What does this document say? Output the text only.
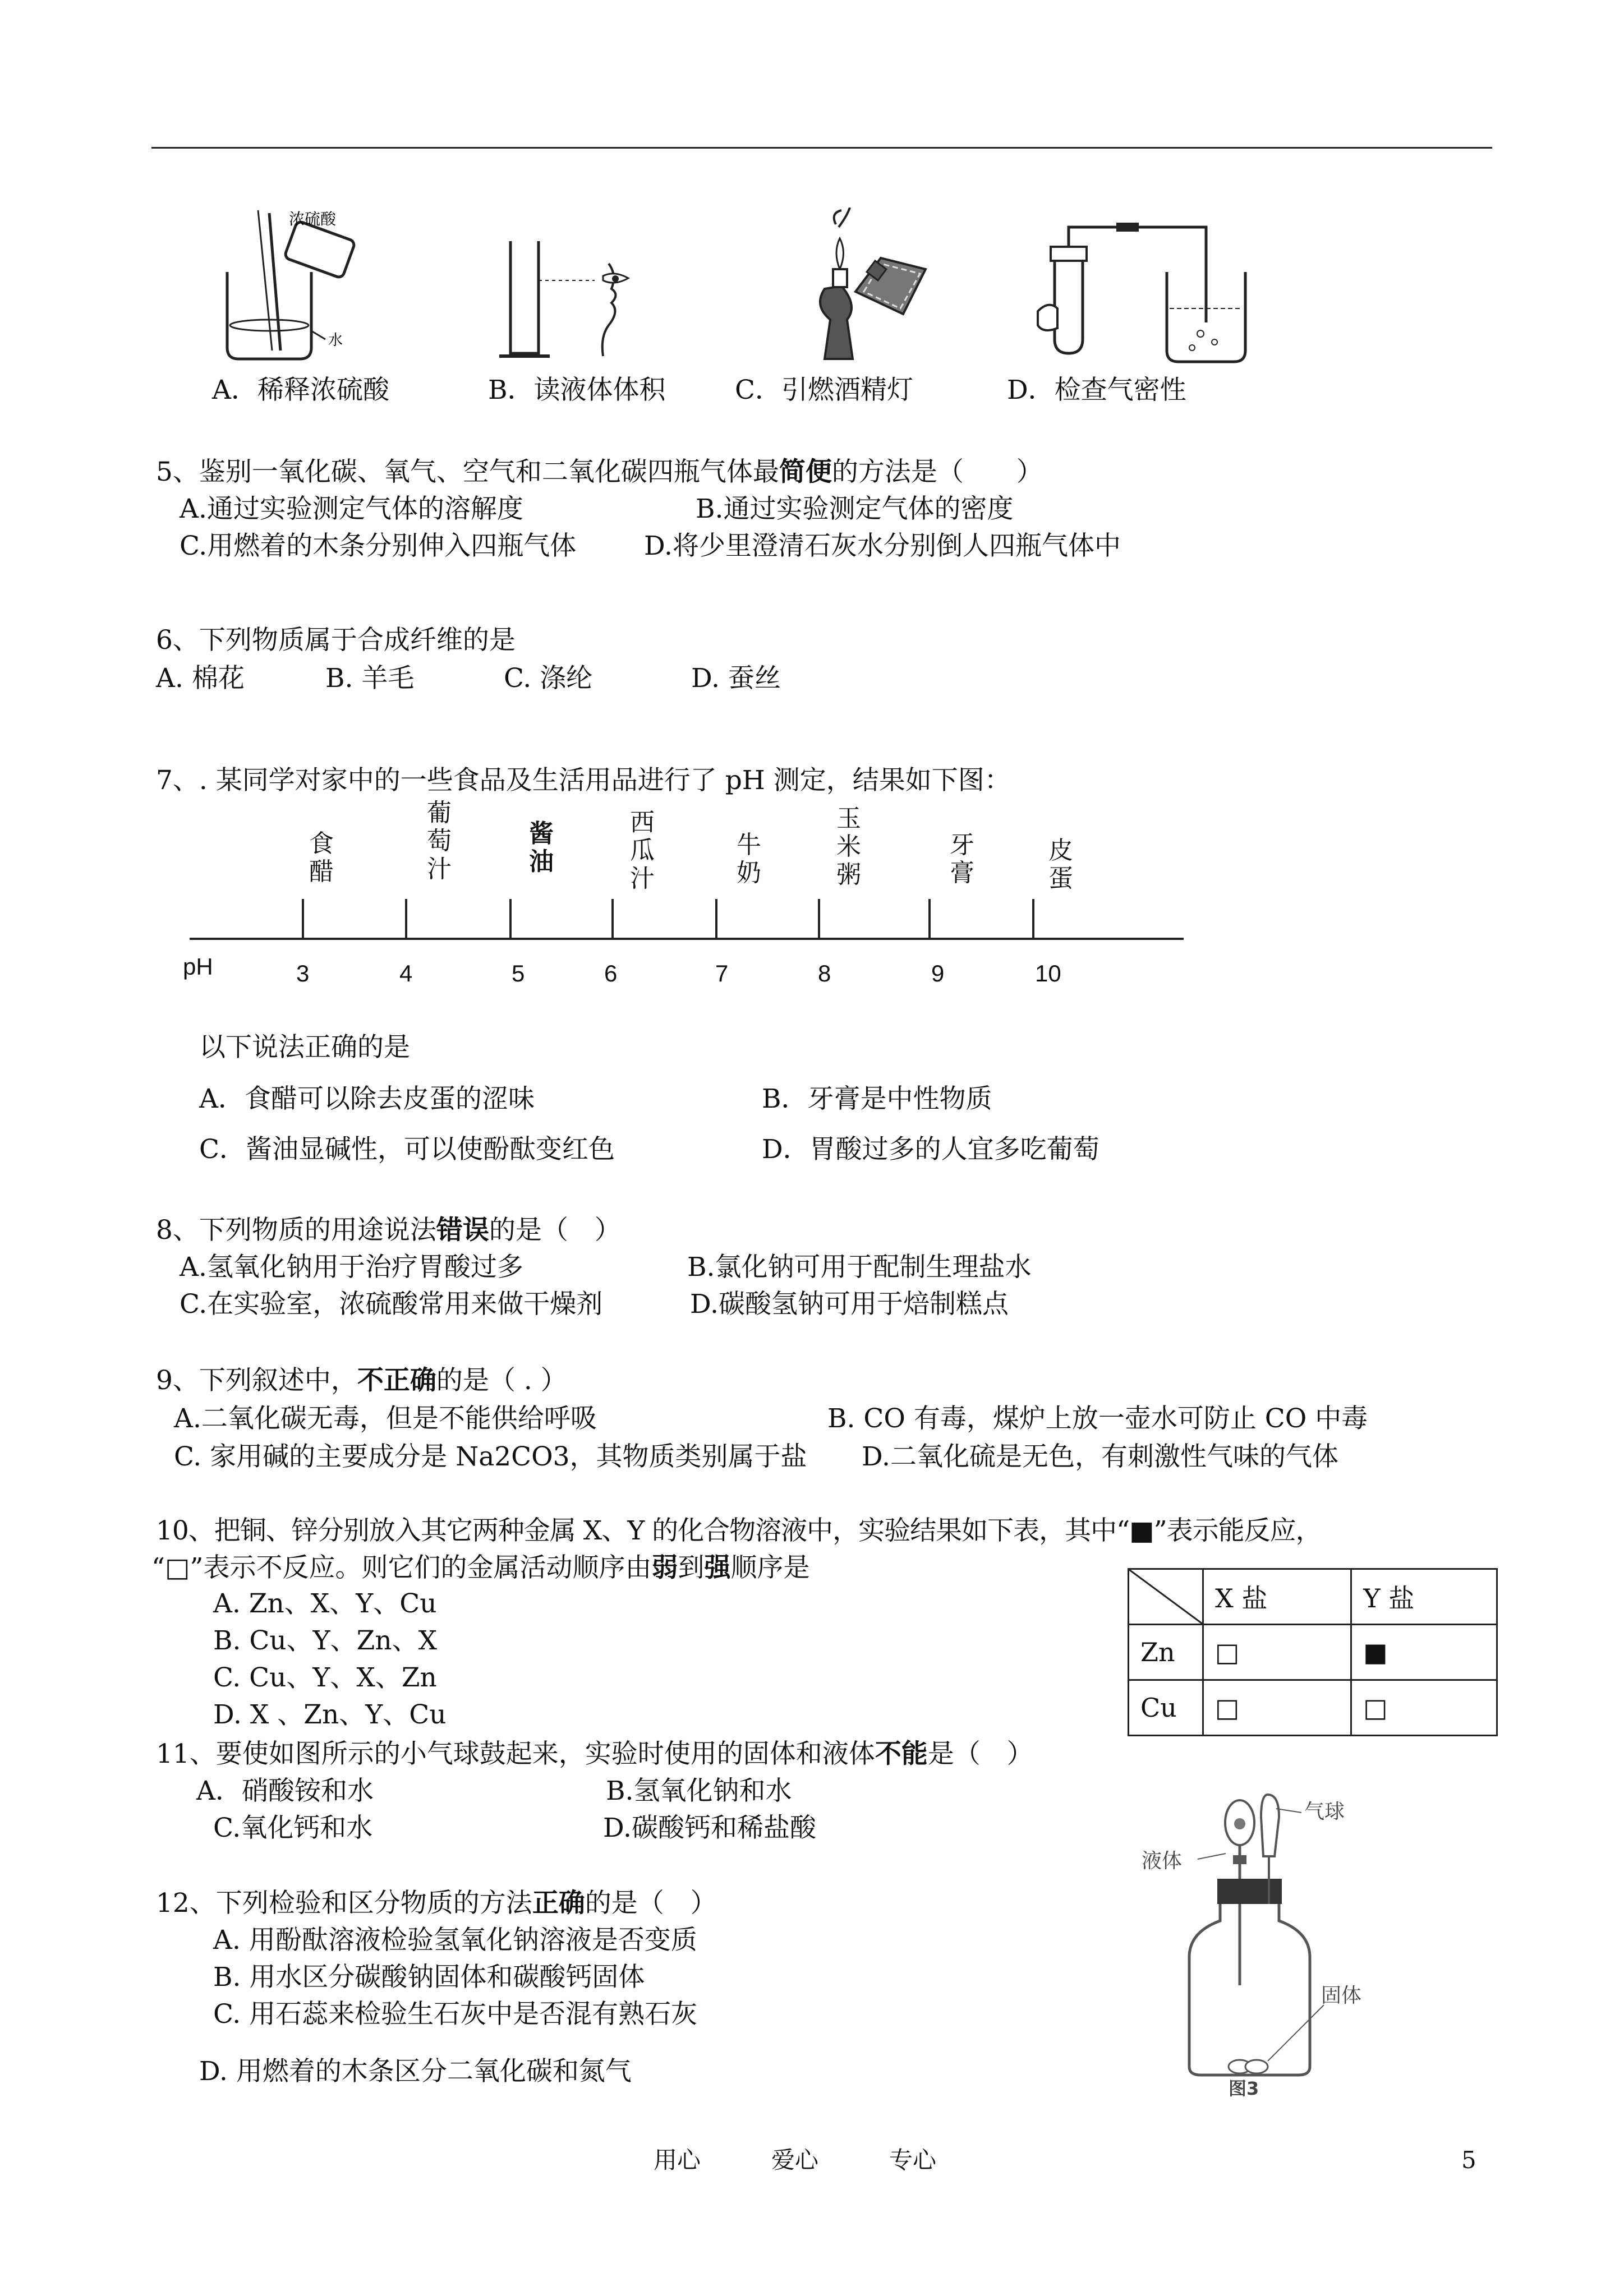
浓硫酸
水
A．稀释浓硫酸	B．读液体体积	C．引燃酒精灯	D．检查气密性
5、鉴别一氧化碳、氧气、空气和二氧化碳四瓶气体最简便的方法是（　　）
A.通过实验测定气体的溶解度	B.通过实验测定气体的密度
C.用燃着的木条分别伸入四瓶气体	D.将少里澄清石灰水分别倒人四瓶气体中
6、下列物质属于合成纤维的是
A. 棉花	B. 羊毛	C. 涤纶	D. 蚕丝
7、. 某同学对家中的一些食品及生活用品进行了 pH 测定，结果如下图：
食醋
葡萄汁
酱油
西瓜汁
牛奶
玉米粥
牙膏
皮蛋
pH	3	4	5	6	7	8	9	10
以下说法正确的是
A．食醋可以除去皮蛋的涩味	B．牙膏是中性物质
C．酱油显碱性，可以使酚酞变红色	D．胃酸过多的人宜多吃葡萄
8、下列物质的用途说法错误的是（　）
A.氢氧化钠用于治疗胃酸过多	B.氯化钠可用于配制生理盐水
C.在实验室，浓硫酸常用来做干燥剂	D.碳酸氢钠可用于焙制糕点
9、下列叙述中，不正确的是（ . ）
A.二氧化碳无毒，但是不能供给呼吸	B. CO 有毒，煤炉上放一壶水可防止 CO 中毒
C. 家用碱的主要成分是 Na2CO3，其物质类别属于盐 D.二氧化硫是无色，有刺激性气味的气体
10、把铜、锌分别放入其它两种金属 X、Y 的化合物溶液中，实验结果如下表，其中“■”表示能反应，
“□”表示不反应。则它们的金属活动顺序由弱到强顺序是
A. Zn、X、Y、Cu
B. Cu、Y、Zn、X
C. Cu、Y、X、Zn
D. X 、Zn、Y、Cu
	X 盐	Y 盐
Zn	□	■
Cu	□	□
11、要使如图所示的小气球鼓起来，实验时使用的固体和液体不能是（　）
A．硝酸铵和水	B.氢氧化钠和水
C.氧化钙和水	D.碳酸钙和稀盐酸
气球
液体
固体
图3
12、下列检验和区分物质的方法正确的是（　）
A. 用酚酞溶液检验氢氧化钠溶液是否变质
B. 用水区分碳酸钠固体和碳酸钙固体
C. 用石蕊来检验生石灰中是否混有熟石灰
D. 用燃着的木条区分二氧化碳和氮气
用心　　　爱心　　　专心	5
